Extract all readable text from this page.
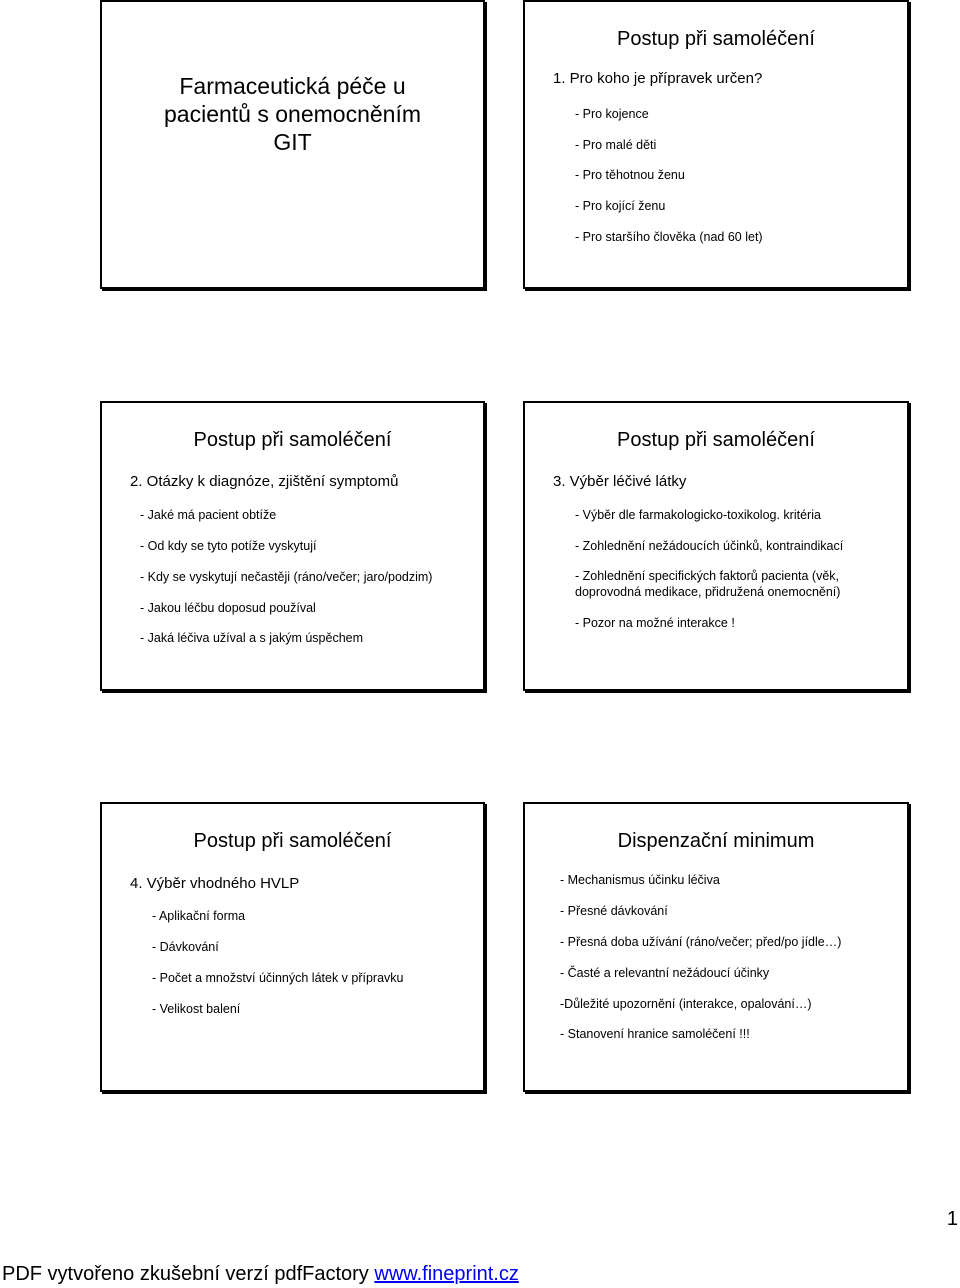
Farmaceutická péče u
pacientů s onemocněním
GIT
Postup při samoléčení
1. Pro koho je přípravek určen?
- Pro kojence
- Pro malé děti
- Pro těhotnou ženu
- Pro kojící ženu
- Pro staršího člověka (nad 60 let)
Postup při samoléčení
2. Otázky k diagnóze, zjištění symptomů
- Jaké má pacient obtíže
- Od kdy se tyto potíže vyskytují
- Kdy se vyskytují nečastěji (ráno/večer; jaro/podzim)
- Jakou léčbu doposud používal
- Jaká léčiva užíval a s jakým úspěchem
Postup při samoléčení
3. Výběr léčivé látky
- Výběr dle farmakologicko-toxikolog. kritéria
- Zohlednění nežádoucích účinků, kontraindikací
- Zohlednění specifických faktorů pacienta (věk, doprovodná medikace, přidružená onemocnění)
- Pozor na možné interakce !
Postup při samoléčení
4. Výběr vhodného HVLP
- Aplikační forma
- Dávkování
- Počet a množství účinných látek v přípravku
- Velikost balení
Dispenzační minimum
- Mechanismus účinku léčiva
- Přesné dávkování
- Přesná doba užívání (ráno/večer; před/po jídle…)
- Časté a relevantní nežádoucí účinky
-Důležité upozornění (interakce, opalování…)
- Stanovení hranice samoléčení !!!
1
PDF vytvořeno zkušební verzí pdfFactory www.fineprint.cz
